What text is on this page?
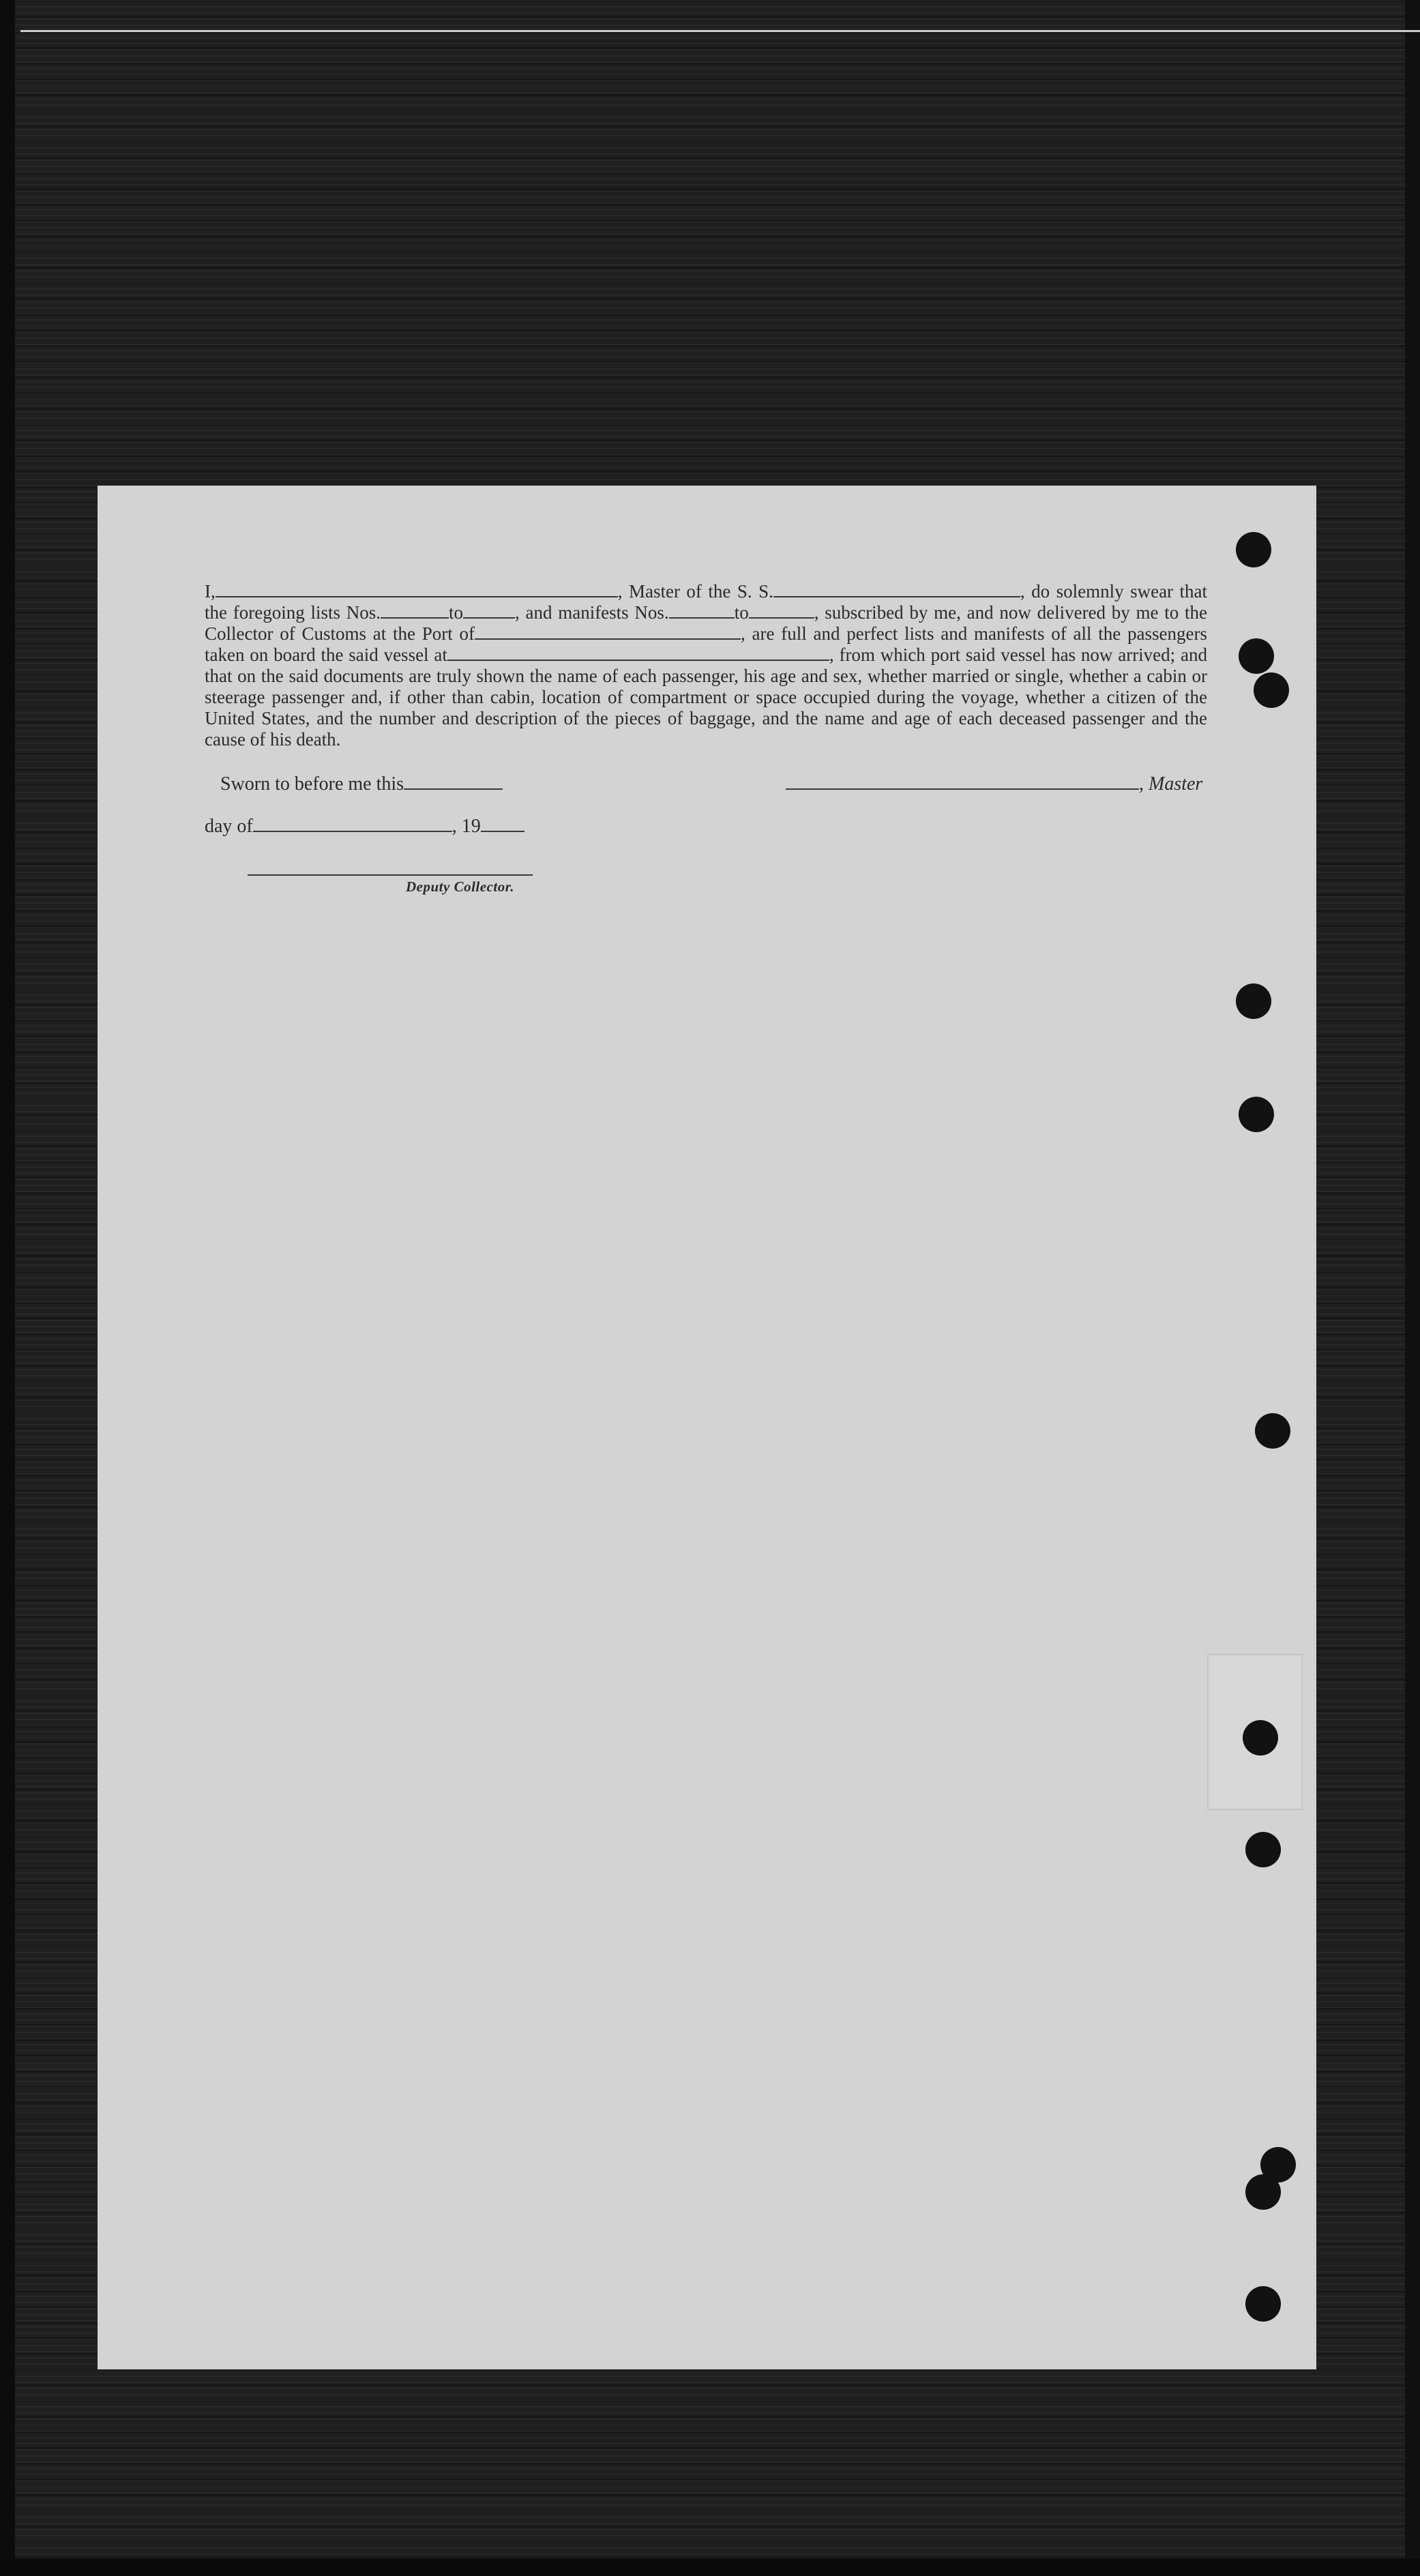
I,	, Master of the S. S.	, do solemnly swear that the foregoing lists Nos.	to	, and manifests Nos.	to	, subscribed by me, and now delivered by me to the Collector of Customs at the Port of	, are full and perfect lists and manifests of all the passengers taken on board the said vessel at	, from which port said vessel has now arrived; and that on the said documents are truly shown the name of each passenger, his age and sex, whether married or single, whether a cabin or steerage passenger and, if other than cabin, location of compartment or space occupied during the voyage, whether a citizen of the United States, and the number and description of the pieces of baggage, and the name and age of each deceased passenger and the cause of his death.
Sworn to before me this	, Master
day of	, 19
Deputy Collector.
